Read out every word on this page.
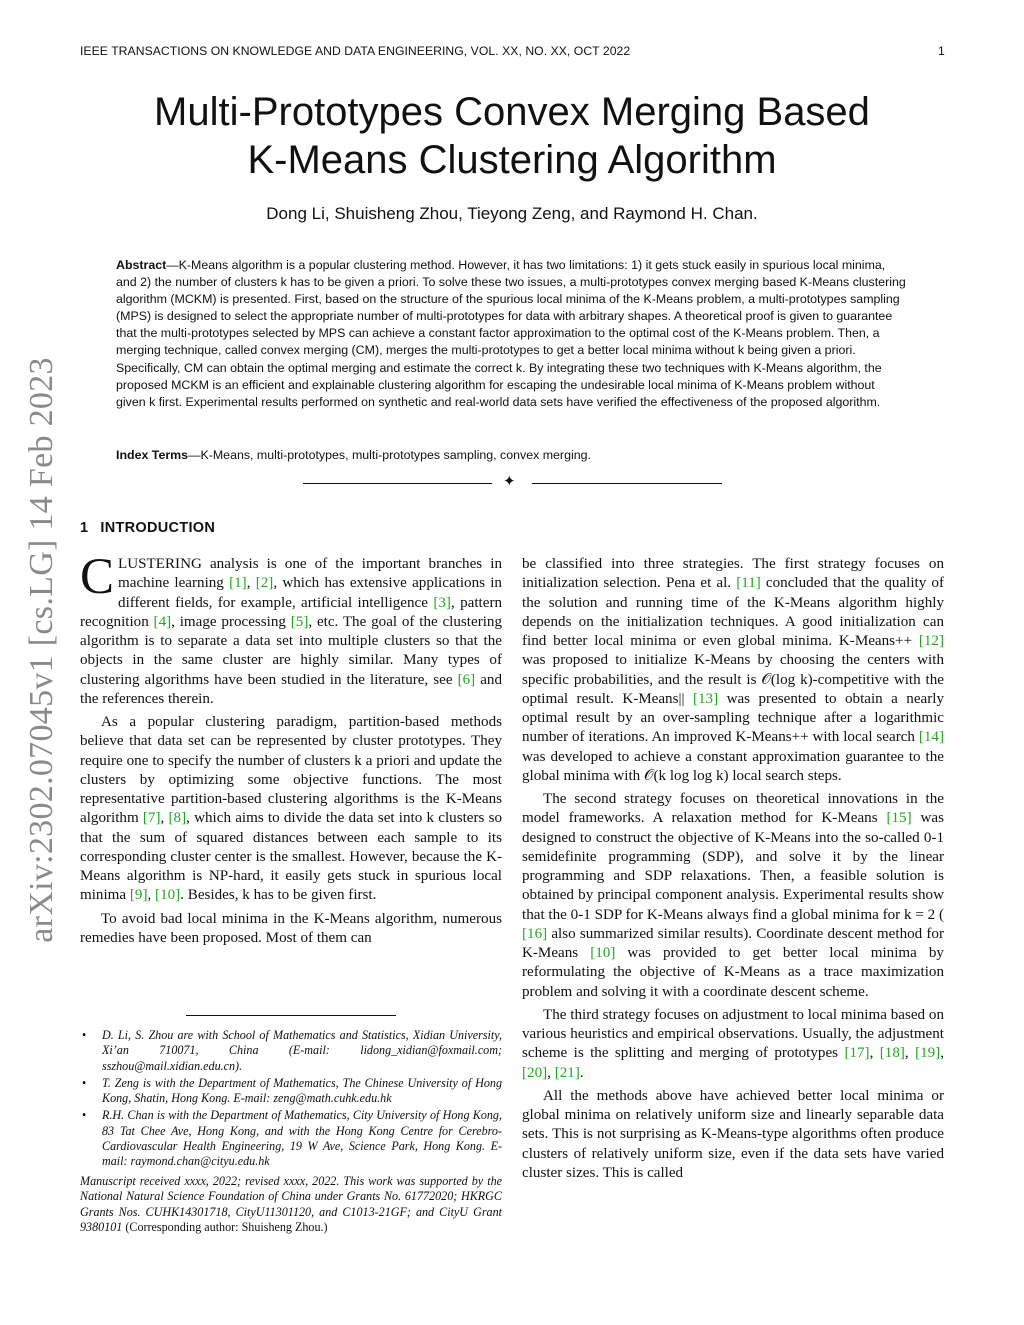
IEEE TRANSACTIONS ON KNOWLEDGE AND DATA ENGINEERING, VOL. XX, NO. XX, OCT 2022	1
Multi-Prototypes Convex Merging Based
K-Means Clustering Algorithm
Dong Li, Shuisheng Zhou, Tieyong Zeng, and Raymond H. Chan.
Abstract—K-Means algorithm is a popular clustering method. However, it has two limitations: 1) it gets stuck easily in spurious local minima, and 2) the number of clusters k has to be given a priori. To solve these two issues, a multi-prototypes convex merging based K-Means clustering algorithm (MCKM) is presented. First, based on the structure of the spurious local minima of the K-Means problem, a multi-prototypes sampling (MPS) is designed to select the appropriate number of multi-prototypes for data with arbitrary shapes. A theoretical proof is given to guarantee that the multi-prototypes selected by MPS can achieve a constant factor approximation to the optimal cost of the K-Means problem. Then, a merging technique, called convex merging (CM), merges the multi-prototypes to get a better local minima without k being given a priori. Specifically, CM can obtain the optimal merging and estimate the correct k. By integrating these two techniques with K-Means algorithm, the proposed MCKM is an efficient and explainable clustering algorithm for escaping the undesirable local minima of K-Means problem without given k first. Experimental results performed on synthetic and real-world data sets have verified the effectiveness of the proposed algorithm.
Index Terms—K-Means, multi-prototypes, multi-prototypes sampling, convex merging.
✦
arXiv:2302.07045v1 [cs.LG] 14 Feb 2023 1 INTRODUCTION

CLUSTERING analysis is one of the important branches in machine learning [1], [2], which has extensive applications in different fields, for example, artificial intelligence [3], pattern recognition [4], image processing [5], etc. The goal of the clustering algorithm is to separate a data set into multiple clusters so that the objects in the same cluster are highly similar. Many types of clustering algorithms have been studied in the literature, see [6] and the references therein.

As a popular clustering paradigm, partition-based methods believe that data set can be represented by cluster prototypes. They require one to specify the number of clusters k a priori and update the clusters by optimizing some objective functions. The most representative partition-based clustering algorithms is the K-Means algorithm [7], [8], which aims to divide the data set into k clusters so that the sum of squared distances between each sample to its corresponding cluster center is the smallest. However, because the K-Means algorithm is NP-hard, it easily gets stuck in spurious local minima [9], [10]. Besides, k has to be given first.

To avoid bad local minima in the K-Means algorithm, numerous remedies have been proposed. Most of them can

• D. Li, S. Zhou are with School of Mathematics and Statistics, Xidian University, Xi’an 710071, China (E-mail: lidong_xidian@foxmail.com; sszhou@mail.xidian.edu.cn).
• T. Zeng is with the Department of Mathematics, The Chinese University of Hong Kong, Shatin, Hong Kong. E-mail: zeng@math.cuhk.edu.hk
• R.H. Chan is with the Department of Mathematics, City University of Hong Kong, 83 Tat Chee Ave, Hong Kong, and with the Hong Kong Centre for Cerebro-Cardiovascular Health Engineering, 19 W Ave, Science Park, Hong Kong. E-mail: raymond.chan@cityu.edu.hk
Manuscript received xxxx, 2022; revised xxxx, 2022. This work was supported by the National Natural Science Foundation of China under Grants No. 61772020; HKRGC Grants Nos. CUHK14301718, CityU11301120, and C1013-21GF; and CityU Grant 9380101 (Corresponding author: Shuisheng Zhou.)

be classified into three strategies. The first strategy focuses on initialization selection. Pena et al. [11] concluded that the quality of the solution and running time of the K-Means algorithm highly depends on the initialization techniques. A good initialization can find better local minima or even global minima. K-Means++ [12] was proposed to initialize K-Means by choosing the centers with specific probabilities, and the result is 𝒪(log k)-competitive with the optimal result. K-Means|| [13] was presented to obtain a nearly optimal result by an over-sampling technique after a logarithmic number of iterations. An improved K-Means++ with local search [14] was developed to achieve a constant approximation guarantee to the global minima with 𝒪(k log log k) local search steps.

The second strategy focuses on theoretical innovations in the model frameworks. A relaxation method for K-Means [15] was designed to construct the objective of K-Means into the so-called 0-1 semidefinite programming (SDP), and solve it by the linear programming and SDP relaxations. Then, a feasible solution is obtained by principal component analysis. Experimental results show that the 0-1 SDP for K-Means always find a global minima for k = 2 ( [16] also summarized similar results). Coordinate descent method for K-Means [10] was provided to get better local minima by reformulating the objective of K-Means as a trace maximization problem and solving it with a coordinate descent scheme.

The third strategy focuses on adjustment to local minima based on various heuristics and empirical observations. Usually, the adjustment scheme is the splitting and merging of prototypes [17], [18], [19], [20], [21].

All the methods above have achieved better local minima or global minima on relatively uniform size and linearly separable data sets. This is not surprising as K-Means-type algorithms often produce clusters of relatively uniform size, even if the data sets have varied cluster sizes. This is called
